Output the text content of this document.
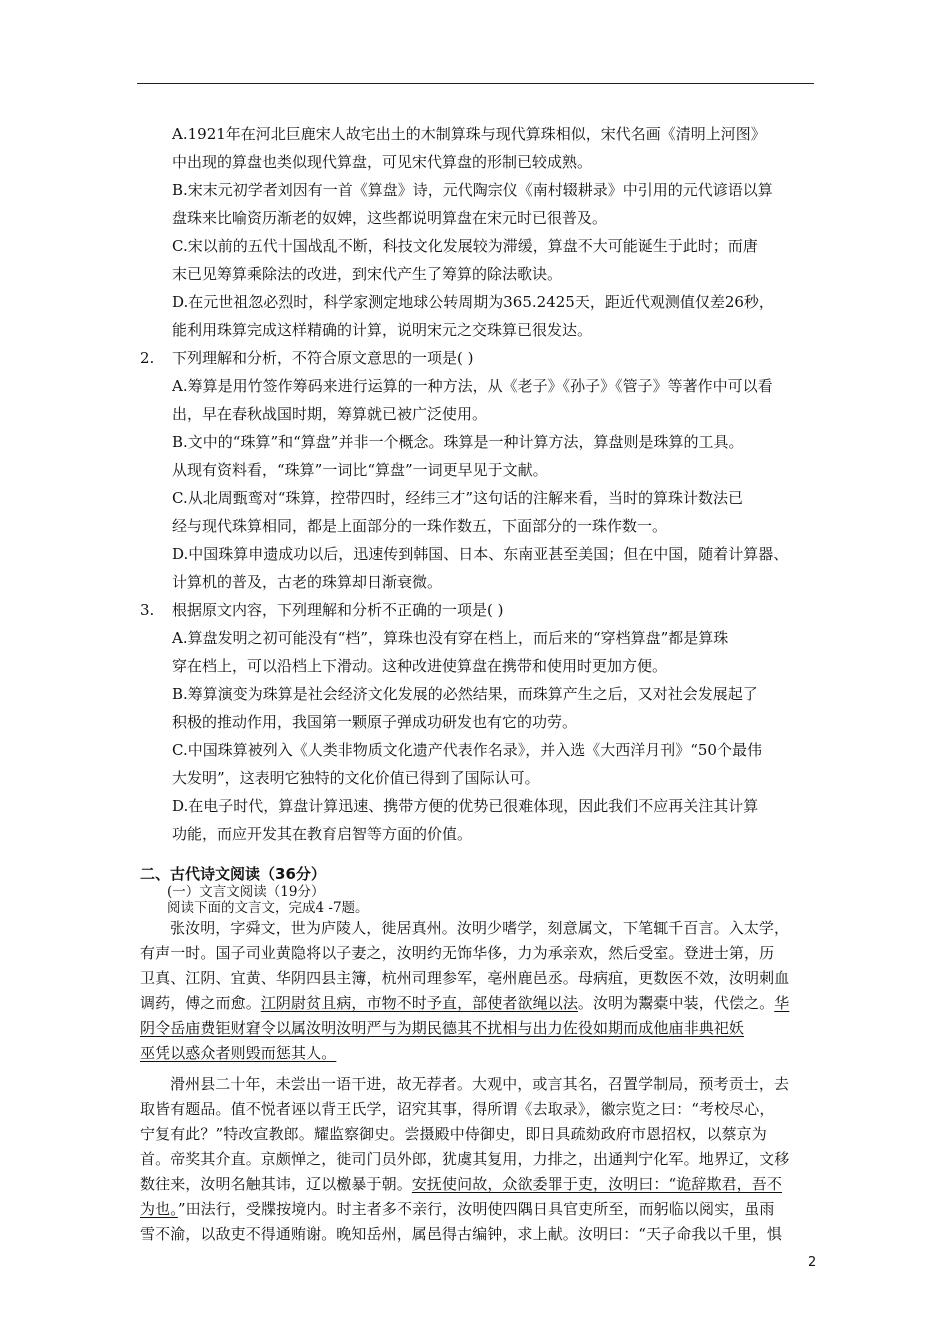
A.1921年在河北巨鹿宋人故宅出土的木制算珠与现代算珠相似，宋代名画《清明上河图》
中出现的算盘也类似现代算盘，可见宋代算盘的形制已较成熟。
B.宋末元初学者刘因有一首《算盘》诗，元代陶宗仪《南村辍耕录》中引用的元代谚语以算
盘珠来比喻资历渐老的奴婢，这些都说明算盘在宋元时已很普及。
C.宋以前的五代十国战乱不断，科技文化发展较为滞缓，算盘不大可能诞生于此时；而唐
末已见筹算乘除法的改进，到宋代产生了筹算的除法歌诀。
D.在元世祖忽必烈时，科学家测定地球公转周期为365.2425天，距近代观测值仅差26秒，
能利用珠算完成这样精确的计算，说明宋元之交珠算已很发达。
2. 下列理解和分析，不符合原文意思的一项是( )
A.筹算是用竹签作筹码来进行运算的一种方法，从《老子》《孙子》《管子》等著作中可以看
出，早在春秋战国时期，筹算就已被广泛使用。
B.文中的“珠算”和“算盘”并非一个概念。珠算是一种计算方法，算盘则是珠算的工具。
从现有资料看，“珠算”一词比“算盘”一词更早见于文献。
C.从北周甄鸾对“珠算，控带四时，经纬三才”这句话的注解来看，当时的算珠计数法已
经与现代珠算相同，都是上面部分的一珠作数五，下面部分的一珠作数一。
D.中国珠算申遗成功以后，迅速传到韩国、日本、东南亚甚至美国；但在中国，随着计算器、
计算机的普及，古老的珠算却日渐衰微。
3. 根据原文内容，下列理解和分析不正确的一项是( )
A.算盘发明之初可能没有“档”，算珠也没有穿在档上，而后来的“穿档算盘”都是算珠
穿在档上，可以沿档上下滑动。这种改进使算盘在携带和使用时更加方便。
B.筹算演变为珠算是社会经济文化发展的必然结果，而珠算产生之后，又对社会发展起了
积极的推动作用，我国第一颗原子弹成功研发也有它的功劳。
C.中国珠算被列入《人类非物质文化遗产代表作名录》，并入选《大西洋月刊》“50个最伟
大发明”，这表明它独特的文化价值已得到了国际认可。
D.在电子时代，算盘计算迅速、携带方便的优势已很难体现，因此我们不应再关注其计算
功能，而应开发其在教育启智等方面的价值。
二、古代诗文阅读（36分）
(一）文言文阅读（19分）
阅读下面的文言文，完成4 -7题。
张汝明，字舜文，世为庐陵人，徙居真州。汝明少嗜学，刻意属文，下笔辄千百言。入太学，
有声一时。国子司业黄隐将以子妻之，汝明约无饰华侈，力为承亲欢，然后受室。登进士第，历
卫真、江阴、宜黄、华阴四县主簿，杭州司理参军，亳州鹿邑丞。母病疽，更数医不效，汝明刺血
调药，傅之而愈。江阴尉贫且病，市物不时予直，部使者欲绳以法。汝明为鬻橐中装，代偿之。华
阴令岳庙费钜财窘令以属汝明汝明严与为期民德其不扰相与出力佐役如期而成他庙非典祀妖
巫凭以惑众者则毁而惩其人。
滑州县二十年，未尝出一语干进，故无荐者。大观中，或言其名，召置学制局，预考贡士，去
取皆有题品。值不悦者诬以背王氏学，诏究其事，得所谓《去取录》，徽宗览之曰：“考校尽心，
宁复有此？”特改宣教郎。耀监察御史。尝摄殿中侍御史，即日具疏劾政府市恩招权，以蔡京为
首。帝奖其介直。京颇惮之，徙司门员外郎，犹虞其复用，力排之，出通判宁化军。地界辽，文移
数往来，汝明名触其讳，辽以檄暴于朝。安抚使问故，众欲委罪于吏，汝明曰：“诡辞欺君，吾不
为也。”田法行，受牒按境内。时主者多不亲行，汝明使四隅日具官吏所至，而躬临以阅实，虽雨
雪不渝，以敌吏不得通贿谢。晚知岳州，属邑得古编钟，求上献。汝明曰：“天子命我以千里，惧
2
